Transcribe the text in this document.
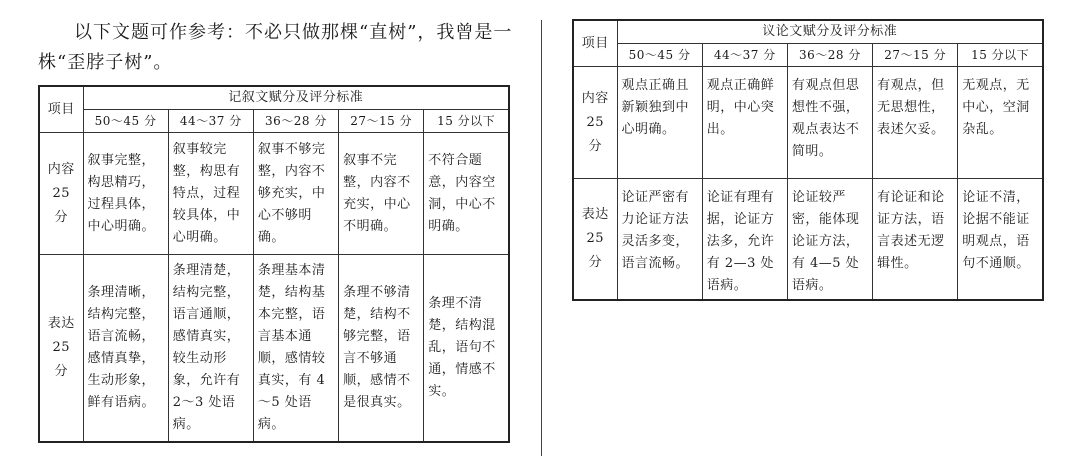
以下文题可作参考：不必只做那棵“直树”，我曾是一株“歪脖子树”。

项目	记叙文赋分及评分标准				
	50～45 分	44～37 分	36～28 分	27～15 分	15 分以下
内容
25 分	叙事完整，构思精巧，过程具体，中心明确。	叙事较完整，构思有特点，过程较具体，中心明确。	叙事不够完整，内容不够充实，中心不够明确。	叙事不完整，内容不充实，中心不明确。	不符合题意，内容空洞，中心不明确。
表达
25 分	条理清晰，结构完整，语言流畅，感情真挚，生动形象，鲜有语病。	条理清楚，结构完整，语言通顺，感情真实，较生动形象，允许有 2～3 处语病。	条理基本清楚，结构基本完整，语言基本通顺，感情较真实，有 4～5 处语病。	条理不够清楚，结构不够完整，语言不够通顺，感情不是很真实。	条理不清楚，结构混乱，语句不通，情感不实。
项目	议论文赋分及评分标准				
	50～45 分	44～37 分	36～28 分	27～15 分	15 分以下
内容
25 分	观点正确且新颖独到中心明确。	观点正确鲜明，中心突出。	有观点但思想性不强，观点表达不简明。	有观点，但无思想性，表述欠妥。	无观点，无中心，空洞杂乱。
表达
25 分	论证严密有力论证方法灵活多变，语言流畅。	论证有理有据，论证方法多，允许有 2—3 处语病。	论证较严密，能体现论证方法，有 4—5 处语病。	有论证和论证方法，语言表述无逻辑性。	论证不清，论据不能证明观点，语句不通顺。
